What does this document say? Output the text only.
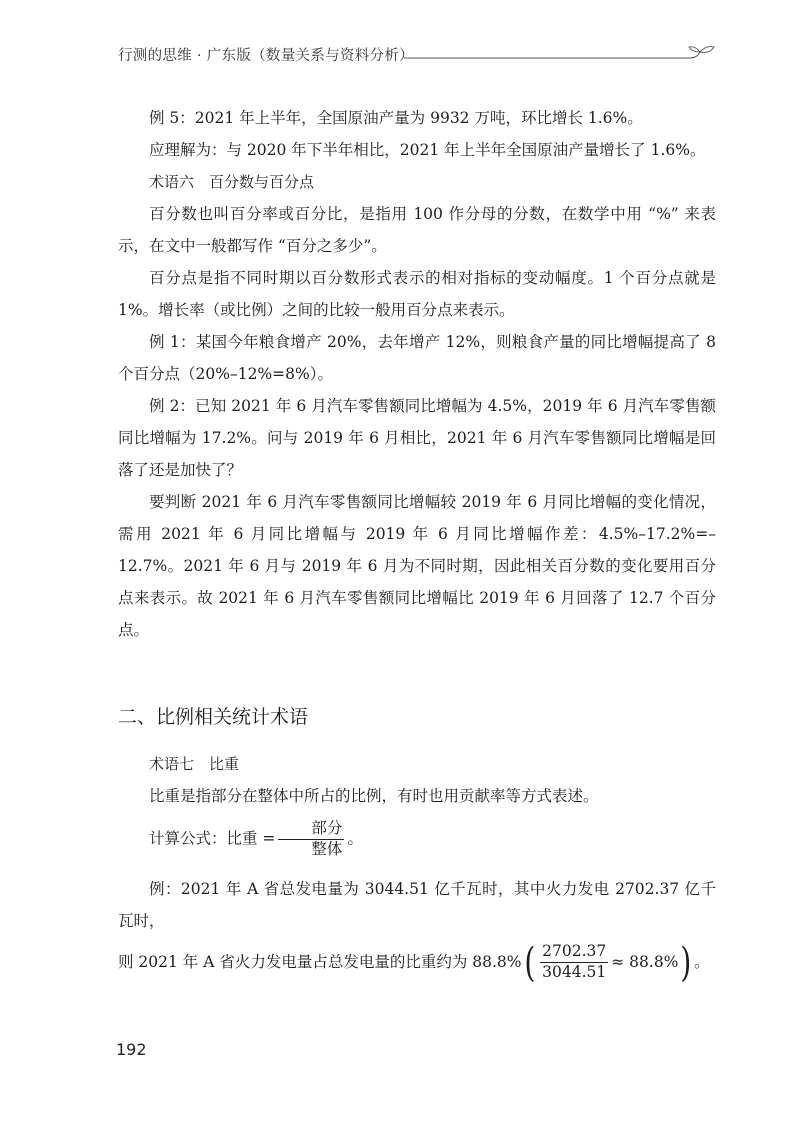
行测的思维 · 广东版（数量关系与资料分析）

例 5：2021 年上半年，全国原油产量为 9932 万吨，环比增长 1.6%。

应理解为：与 2020 年下半年相比，2021 年上半年全国原油产量增长了 1.6%。

术语六　百分数与百分点

百分数也叫百分率或百分比，是指用 100 作分母的分数，在数学中用 “%” 来表示，在文中一般都写作 “百分之多少”。

百分点是指不同时期以百分数形式表示的相对指标的变动幅度。1 个百分点就是 1%。增长率（或比例）之间的比较一般用百分点来表示。

例 1：某国今年粮食增产 20%，去年增产 12%，则粮食产量的同比增幅提高了 8 个百分点（20%–12%=8%）。

例 2：已知 2021 年 6 月汽车零售额同比增幅为 4.5%，2019 年 6 月汽车零售额同比增幅为 17.2%。问与 2019 年 6 月相比，2021 年 6 月汽车零售额同比增幅是回落了还是加快了？

要判断 2021 年 6 月汽车零售额同比增幅较 2019 年 6 月同比增幅的变化情况，需用 2021 年 6 月同比增幅与 2019 年 6 月同比增幅作差：4.5%–17.2%=–12.7%。2021 年 6 月与 2019 年 6 月为不同时期，因此相关百分数的变化要用百分点来表示。故 2021 年 6 月汽车零售额同比增幅比 2019 年 6 月回落了 12.7 个百分点。

二、比例相关统计术语

术语七　比重

比重是指部分在整体中所占的比例，有时也用贡献率等方式表述。

计算公式：比重 = $\frac{\text{部分}}{\text{整体}}$ 。

例：2021 年 A 省总发电量为 3044.51 亿千瓦时，其中火力发电 2702.37 亿千瓦时，

则 2021 年 A 省火力发电量占总发电量的比重约为 $88.8\%( \frac{2702.37}{3044.51} \approx 88.8\%)$ 。

192
